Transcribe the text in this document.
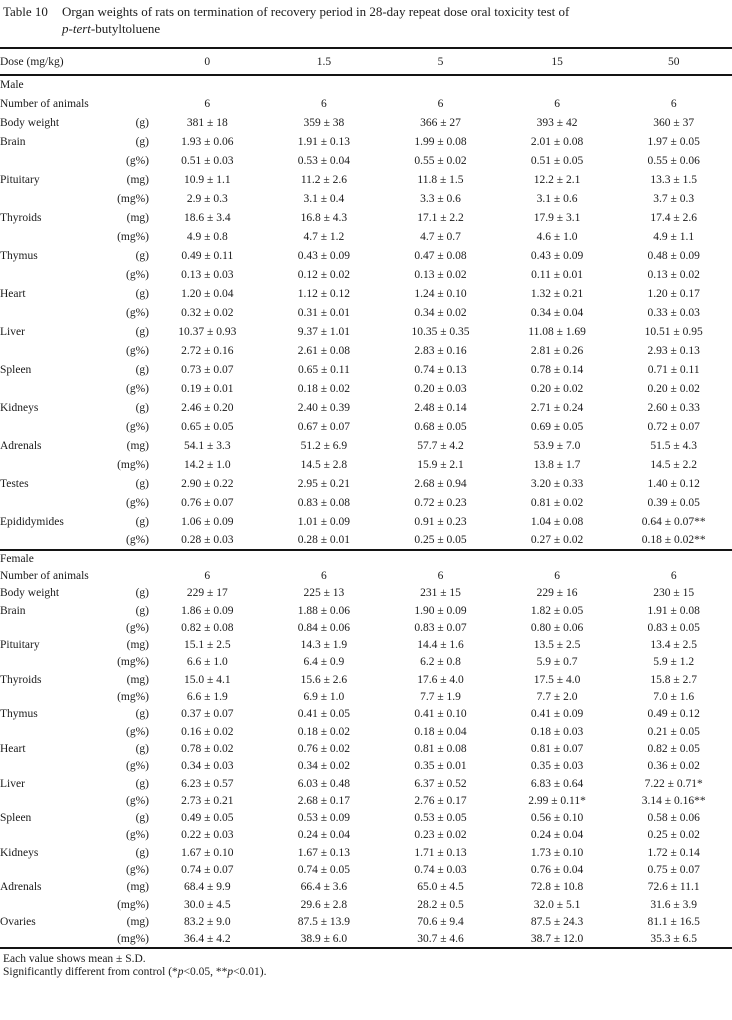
Table 10	Organ weights of rats on termination of recovery period in 28-day repeat dose oral toxicity test of
p-tert-butyltoluene
Dose (mg/kg)		0	1.5	5	15	50
Male						
Number of animals		6	6	6	6	6
Body weight	(g)	381 ± 18	359 ± 38	366 ± 27	393 ± 42	360 ± 37
Brain	(g)	1.93 ± 0.06	1.91 ± 0.13	1.99 ± 0.08	2.01 ± 0.08	1.97 ± 0.05
	(g%)	0.51 ± 0.03	0.53 ± 0.04	0.55 ± 0.02	0.51 ± 0.05	0.55 ± 0.06
Pituitary	(mg)	10.9 ± 1.1	11.2 ± 2.6	11.8 ± 1.5	12.2 ± 2.1	13.3 ± 1.5
	(mg%)	2.9 ± 0.3	3.1 ± 0.4	3.3 ± 0.6	3.1 ± 0.6	3.7 ± 0.3
Thyroids	(mg)	18.6 ± 3.4	16.8 ± 4.3	17.1 ± 2.2	17.9 ± 3.1	17.4 ± 2.6
	(mg%)	4.9 ± 0.8	4.7 ± 1.2	4.7 ± 0.7	4.6 ± 1.0	4.9 ± 1.1
Thymus	(g)	0.49 ± 0.11	0.43 ± 0.09	0.47 ± 0.08	0.43 ± 0.09	0.48 ± 0.09
	(g%)	0.13 ± 0.03	0.12 ± 0.02	0.13 ± 0.02	0.11 ± 0.01	0.13 ± 0.02
Heart	(g)	1.20 ± 0.04	1.12 ± 0.12	1.24 ± 0.10	1.32 ± 0.21	1.20 ± 0.17
	(g%)	0.32 ± 0.02	0.31 ± 0.01	0.34 ± 0.02	0.34 ± 0.04	0.33 ± 0.03
Liver	(g)	10.37 ± 0.93	9.37 ± 1.01	10.35 ± 0.35	11.08 ± 1.69	10.51 ± 0.95
	(g%)	2.72 ± 0.16	2.61 ± 0.08	2.83 ± 0.16	2.81 ± 0.26	2.93 ± 0.13
Spleen	(g)	0.73 ± 0.07	0.65 ± 0.11	0.74 ± 0.13	0.78 ± 0.14	0.71 ± 0.11
	(g%)	0.19 ± 0.01	0.18 ± 0.02	0.20 ± 0.03	0.20 ± 0.02	0.20 ± 0.02
Kidneys	(g)	2.46 ± 0.20	2.40 ± 0.39	2.48 ± 0.14	2.71 ± 0.24	2.60 ± 0.33
	(g%)	0.65 ± 0.05	0.67 ± 0.07	0.68 ± 0.05	0.69 ± 0.05	0.72 ± 0.07
Adrenals	(mg)	54.1 ± 3.3	51.2 ± 6.9	57.7 ± 4.2	53.9 ± 7.0	51.5 ± 4.3
	(mg%)	14.2 ± 1.0	14.5 ± 2.8	15.9 ± 2.1	13.8 ± 1.7	14.5 ± 2.2
Testes	(g)	2.90 ± 0.22	2.95 ± 0.21	2.68 ± 0.94	3.20 ± 0.33	1.40 ± 0.12
	(g%)	0.76 ± 0.07	0.83 ± 0.08	0.72 ± 0.23	0.81 ± 0.02	0.39 ± 0.05
Epididymides	(g)	1.06 ± 0.09	1.01 ± 0.09	0.91 ± 0.23	1.04 ± 0.08	0.64 ± 0.07**
	(g%)	0.28 ± 0.03	0.28 ± 0.01	0.25 ± 0.05	0.27 ± 0.02	0.18 ± 0.02**
Female						
Number of animals		6	6	6	6	6
Body weight	(g)	229 ± 17	225 ± 13	231 ± 15	229 ± 16	230 ± 15
Brain	(g)	1.86 ± 0.09	1.88 ± 0.06	1.90 ± 0.09	1.82 ± 0.05	1.91 ± 0.08
	(g%)	0.82 ± 0.08	0.84 ± 0.06	0.83 ± 0.07	0.80 ± 0.06	0.83 ± 0.05
Pituitary	(mg)	15.1 ± 2.5	14.3 ± 1.9	14.4 ± 1.6	13.5 ± 2.5	13.4 ± 2.5
	(mg%)	6.6 ± 1.0	6.4 ± 0.9	6.2 ± 0.8	5.9 ± 0.7	5.9 ± 1.2
Thyroids	(mg)	15.0 ± 4.1	15.6 ± 2.6	17.6 ± 4.0	17.5 ± 4.0	15.8 ± 2.7
	(mg%)	6.6 ± 1.9	6.9 ± 1.0	7.7 ± 1.9	7.7 ± 2.0	7.0 ± 1.6
Thymus	(g)	0.37 ± 0.07	0.41 ± 0.05	0.41 ± 0.10	0.41 ± 0.09	0.49 ± 0.12
	(g%)	0.16 ± 0.02	0.18 ± 0.02	0.18 ± 0.04	0.18 ± 0.03	0.21 ± 0.05
Heart	(g)	0.78 ± 0.02	0.76 ± 0.02	0.81 ± 0.08	0.81 ± 0.07	0.82 ± 0.05
	(g%)	0.34 ± 0.03	0.34 ± 0.02	0.35 ± 0.01	0.35 ± 0.03	0.36 ± 0.02
Liver	(g)	6.23 ± 0.57	6.03 ± 0.48	6.37 ± 0.52	6.83 ± 0.64	7.22 ± 0.71*
	(g%)	2.73 ± 0.21	2.68 ± 0.17	2.76 ± 0.17	2.99 ± 0.11*	3.14 ± 0.16**
Spleen	(g)	0.49 ± 0.05	0.53 ± 0.09	0.53 ± 0.05	0.56 ± 0.10	0.58 ± 0.06
	(g%)	0.22 ± 0.03	0.24 ± 0.04	0.23 ± 0.02	0.24 ± 0.04	0.25 ± 0.02
Kidneys	(g)	1.67 ± 0.10	1.67 ± 0.13	1.71 ± 0.13	1.73 ± 0.10	1.72 ± 0.14
	(g%)	0.74 ± 0.07	0.74 ± 0.05	0.74 ± 0.03	0.76 ± 0.04	0.75 ± 0.07
Adrenals	(mg)	68.4 ± 9.9	66.4 ± 3.6	65.0 ± 4.5	72.8 ± 10.8	72.6 ± 11.1
	(mg%)	30.0 ± 4.5	29.6 ± 2.8	28.2 ± 0.5	32.0 ± 5.1	31.6 ± 3.9
Ovaries	(mg)	83.2 ± 9.0	87.5 ± 13.9	70.6 ± 9.4	87.5 ± 24.3	81.1 ± 16.5
	(mg%)	36.4 ± 4.2	38.9 ± 6.0	30.7 ± 4.6	38.7 ± 12.0	35.3 ± 6.5
Each value shows mean ± S.D.
Significantly different from control (*p<0.05, **p<0.01).
